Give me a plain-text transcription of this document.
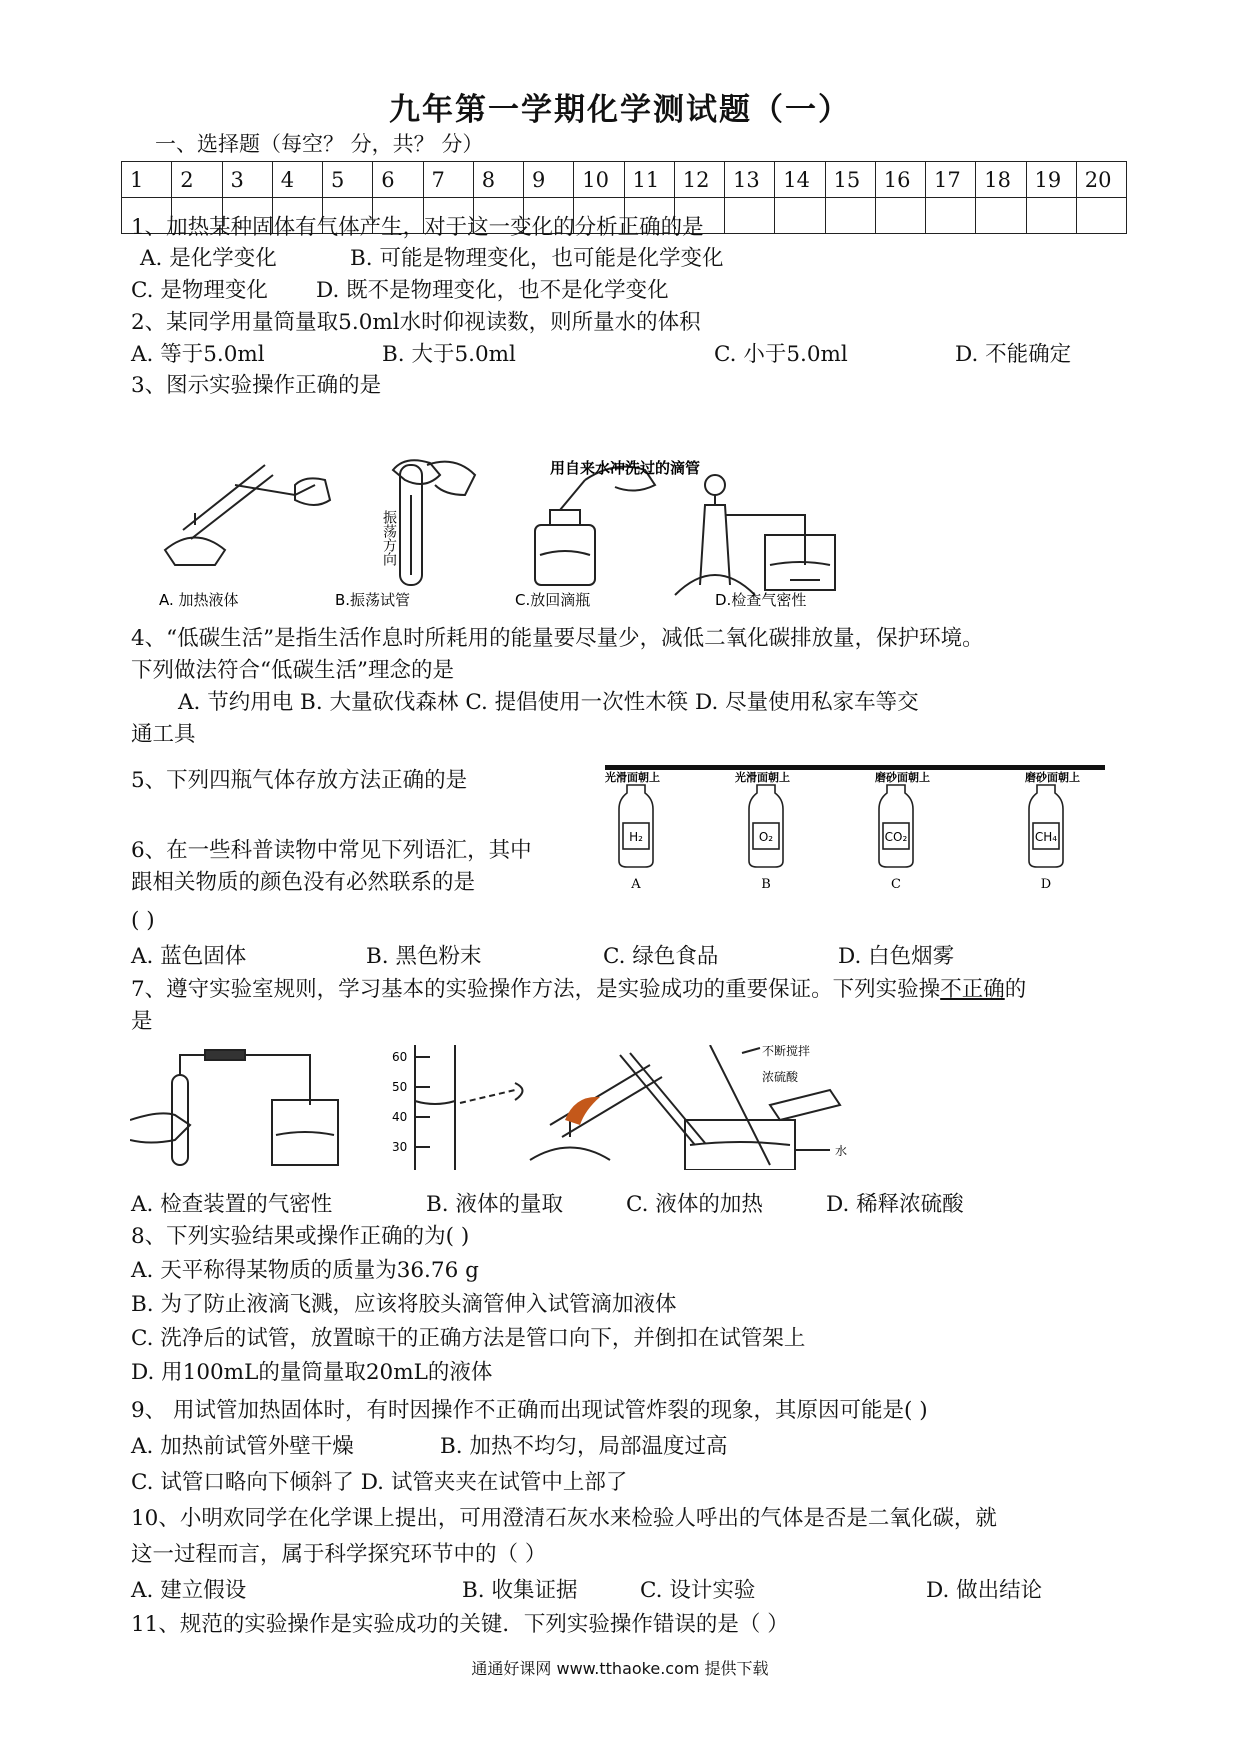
九年第一学期化学测试题（一）
一、选择题（每空？ 分，共？ 分）
1	2	3	4	5	6	7	8	9	10	11	12	13	14	15	16	17	18	19	20

1、加热某种固体有气体产生，对于这一变化的分析正确的是
A. 是化学变化	B. 可能是物理变化，也可能是化学变化
C. 是物理变化 D. 既不是物理变化，也不是化学变化
2、某同学用量筒量取5.0ml水时仰视读数，则所量水的体积
A. 等于5.0ml	B. 大于5.0ml	C. 小于5.0ml	D. 不能确定
3、图示实验操作正确的是
振荡方向
用自来水冲洗过的滴管
A. 加热液体	B.振荡试管	C.放回滴瓶	D.检查气密性
4、“低碳生活”是指生活作息时所耗用的能量要尽量少，减低二氧化碳排放量，保护环境。
下列做法符合“低碳生活”理念的是
A. 节约用电 B. 大量砍伐森林 C. 提倡使用一次性木筷 D. 尽量使用私家车等交
通工具
5、下列四瓶气体存放方法正确的是	光滑面朝上	光滑面朝上	磨砂面朝上	磨砂面朝上
H₂	O₂	CO₂	CH₄
A	B	C	D
6、在一些科普读物中常见下列语汇，其中
跟相关物质的颜色没有必然联系的是
( )
A. 蓝色固体	B. 黑色粉末	C. 绿色食品	D. 白色烟雾
7、遵守实验室规则，学习基本的实验操作方法，是实验成功的重要保证。下列实验操不正确的
是
60
50
40
30
不断搅拌
浓硫酸
水
A. 检查装置的气密性	B. 液体的量取	C. 液体的加热	D. 稀释浓硫酸
8、下列实验结果或操作正确的为( )
A. 天平称得某物质的质量为36.76 g
B. 为了防止液滴飞溅，应该将胶头滴管伸入试管滴加液体
C. 洗净后的试管，放置晾干的正确方法是管口向下，并倒扣在试管架上
D. 用100mL的量筒量取20mL的液体
9、 用试管加热固体时，有时因操作不正确而出现试管炸裂的现象，其原因可能是( )
A. 加热前试管外壁干燥	B. 加热不均匀，局部温度过高
C. 试管口略向下倾斜了 D. 试管夹夹在试管中上部了
10、小明欢同学在化学课上提出，可用澄清石灰水来检验人呼出的气体是否是二氧化碳，就
这一过程而言，属于科学探究环节中的（ ）
A. 建立假设	B. 收集证据	C. 设计实验	D. 做出结论
11、规范的实验操作是实验成功的关键．下列实验操作错误的是（ ）
通通好课网 www.tthaoke.com 提供下载
